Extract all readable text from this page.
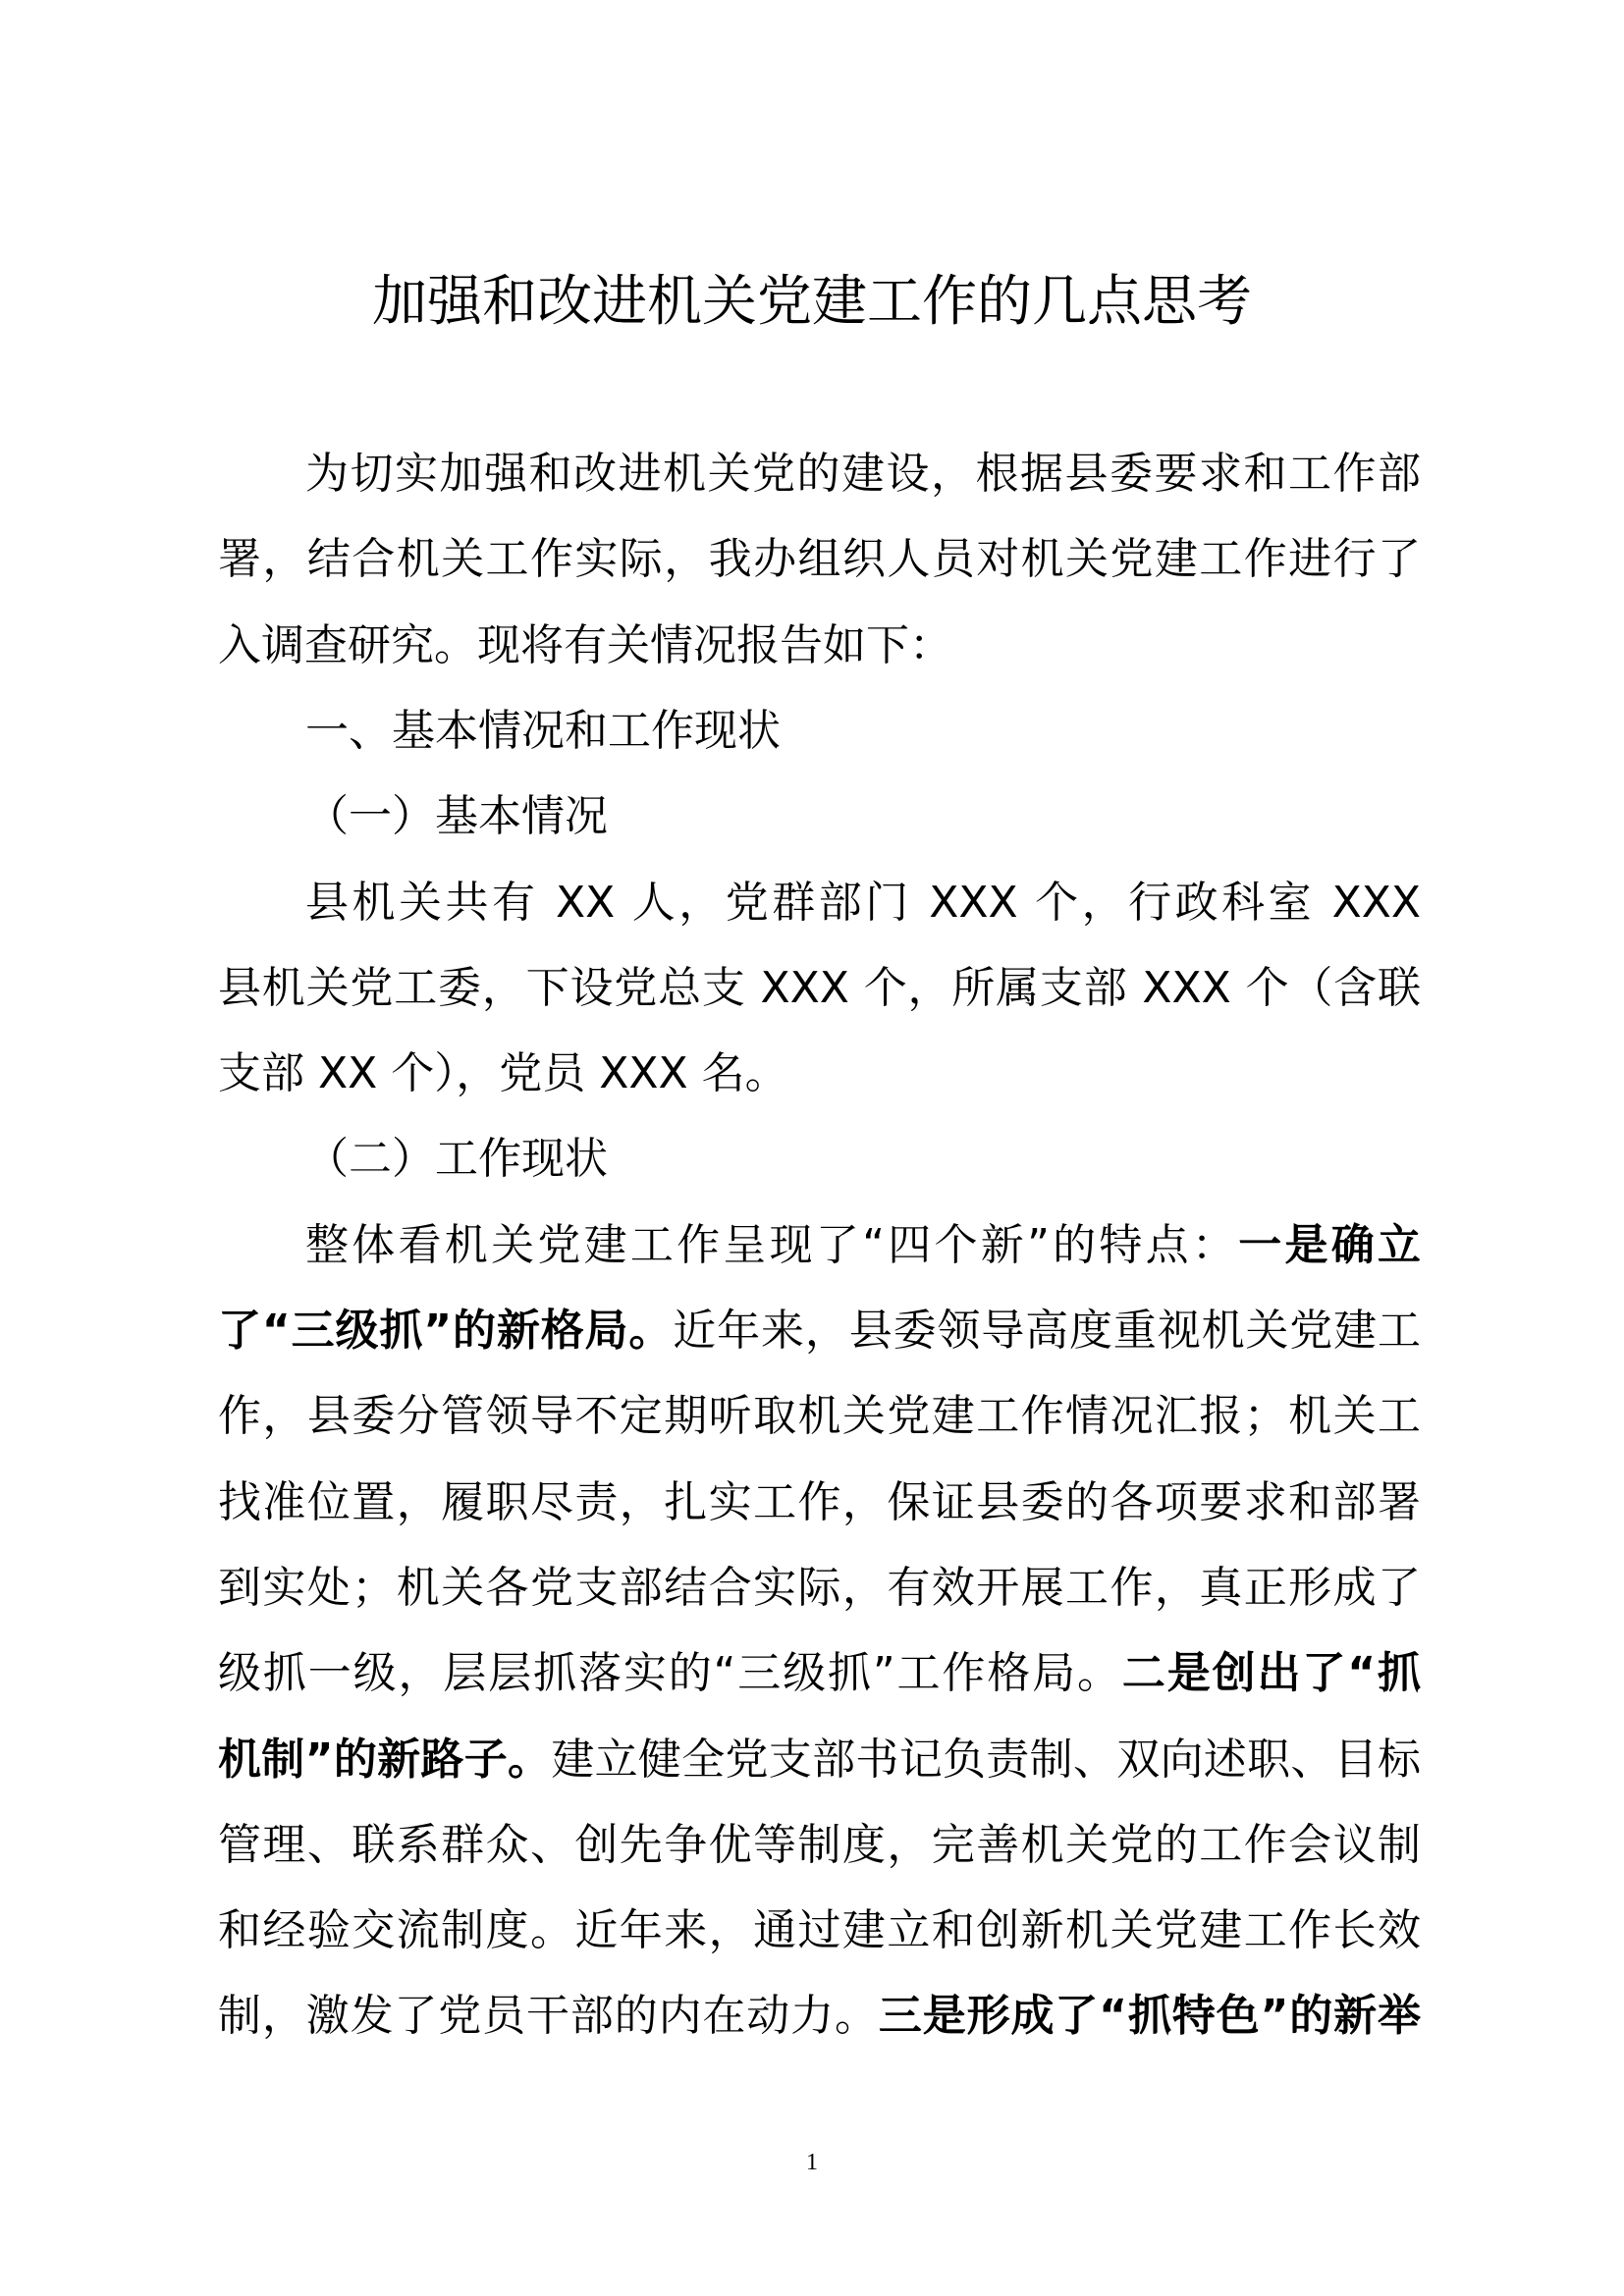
加强和改进机关党建工作的几点思考
为切实加强和改进机关党的建设，根据县委要求和工作部
署，结合机关工作实际，我办组织人员对机关党建工作进行了
入调查研究。现将有关情况报告如下：
一、基本情况和工作现状
（一）基本情况
县机关共有 XX 人，党群部门 XXX 个，行政科室 XXX
县机关党工委，下设党总支 XXX 个，所属支部 XXX 个（含联
支部 XX 个），党员 XXX 名。
（二）工作现状
整体看机关党建工作呈现了“四个新”的特点：一是确立
了“三级抓”的新格局。近年来，县委领导高度重视机关党建工
作，县委分管领导不定期听取机关党建工作情况汇报；机关工
找准位置，履职尽责，扎实工作，保证县委的各项要求和部署
到实处；机关各党支部结合实际，有效开展工作，真正形成了
级抓一级，层层抓落实的“三级抓”工作格局。二是创出了“抓
机制”的新路子。建立健全党支部书记负责制、双向述职、目标
管理、联系群众、创先争优等制度，完善机关党的工作会议制
和经验交流制度。近年来，通过建立和创新机关党建工作长效
制，激发了党员干部的内在动力。三是形成了“抓特色”的新举
1
